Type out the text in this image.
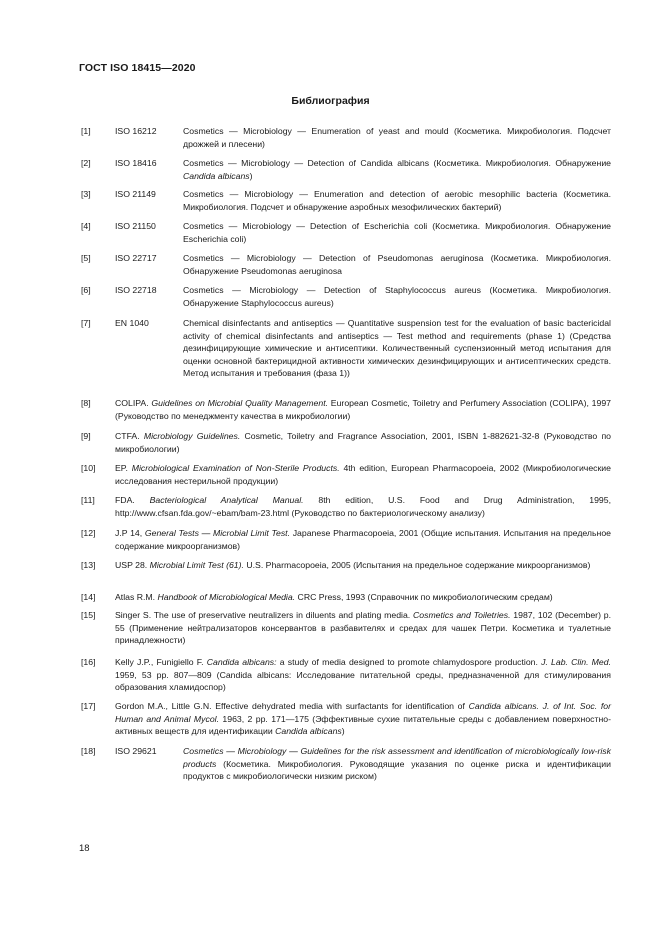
ГОСТ ISO 18415—2020
Библиография
[1]	ISO 16212	Cosmetics — Microbiology — Enumeration of yeast and mould (Косметика. Микробиология. Подсчет дрожжей и плесени)
[2]	ISO 18416	Cosmetics — Microbiology — Detection of Candida albicans (Косметика. Микробиология. Обнаружение Candida albicans)
[3]	ISO 21149	Cosmetics — Microbiology — Enumeration and detection of aerobic mesophilic bacteria (Косметика. Микробиология. Подсчет и обнаружение аэробных мезофилических бактерий)
[4]	ISO 21150	Cosmetics — Microbiology — Detection of Escherichia coli (Косметика. Микробиология. Обнаружение Escherichia coli)
[5]	ISO 22717	Cosmetics — Microbiology — Detection of Pseudomonas aeruginosa (Косметика. Микробиология. Обнаружение Pseudomonas aeruginosa
[6]	ISO 22718	Cosmetics — Microbiology — Detection of Staphylococcus aureus (Косметика. Микробиология. Обнаружение Staphylococcus aureus)
[7]	EN 1040	Chemical disinfectants and antiseptics — Quantitative suspension test for the evaluation of basic bactericidal activity of chemical disinfectants and antiseptics — Test method and requirements (phase 1) (Средства дезинфицирующие химические и антисептики. Количественный суспензионный метод испытания для оценки основной бактерицидной активности химических дезинфицирующих и антисептических средств. Метод испытания и требования (фаза 1))
[8]	COLIPA. Guidelines on Microbial Quality Management. European Cosmetic, Toiletry and Perfumery Association (COLIPA), 1997 (Руководство по менеджменту качества в микробиологии)
[9]	CTFA. Microbiology Guidelines. Cosmetic, Toiletry and Fragrance Association, 2001, ISBN 1-882621-32-8 (Руководство по микробиологии)
[10] EP. Microbiological Examination of Non-Sterile Products. 4th edition, European Pharmacopoeia, 2002 (Микробиологические исследования нестерильной продукции)
[11] FDA. Bacteriological Analytical Manual. 8th edition, U.S. Food and Drug Administration, 1995, http://www.cfsan.fda.gov/~ebam/bam-23.html (Руководство по бактериологическому анализу)
[12] J.P 14, General Tests — Microbial Limit Test. Japanese Pharmacopoeia, 2001 (Общие испытания. Испытания на предельное содержание микроорганизмов)
[13] USP 28. Microbial Limit Test (61). U.S. Pharmacopoeia, 2005 (Испытания на предельное содержание микроорганизмов)
[14] Atlas R.M. Handbook of Microbiological Media. CRC Press, 1993 (Справочник по микробиологическим средам)
[15] Singer S. The use of preservative neutralizers in diluents and plating media. Cosmetics and Toiletries. 1987, 102 (December) p. 55 (Применение нейтрализаторов консервантов в разбавителях и средах для чашек Петри. Косметика и туалетные принадлежности)
[16] Kelly J.P., Funigiello F. Candida albicans: a study of media designed to promote chlamydospore production. J. Lab. Clin. Med. 1959, 53 pp. 807—809 (Candida albicans: Исследование питательной среды, предназначенной для стимулирования образования хламидоспор)
[17] Gordon M.A., Little G.N. Effective dehydrated media with surfactants for identification of Candida albicans. J. of Int. Soc. for Human and Animal Mycol. 1963, 2 pp. 171—175 (Эффективные сухие питательные среды с добавлением поверхностно-активных веществ для идентификации Candida albicans)
[18] ISO 29621	Cosmetics — Microbiology — Guidelines for the risk assessment and identification of microbiologically low-risk products (Косметика. Микробиология. Руководящие указания по оценке риска и идентификации продуктов с микробиологически низким риском)
18
